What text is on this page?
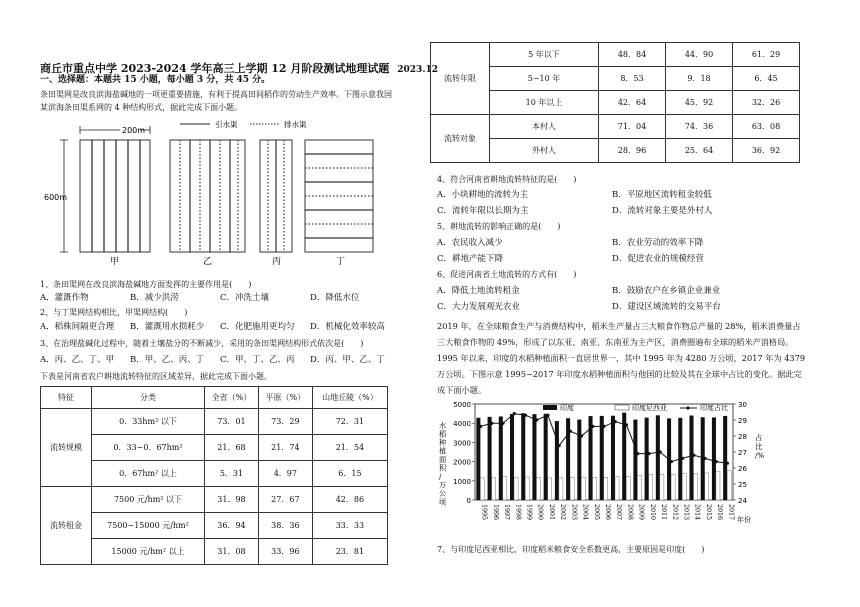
商丘市重点中学 2023-2024 学年高三上学期 12 月阶段测试地理试题 2023.12
一、选择题：本题共 15 小题，每小题 3 分，共 45 分。
条田渠网是改良滨海盐碱地的一项更重要措施，有利于提高田间稻作的劳动生产效率。下图示意我国
某滨海条田渠系网的 4 种结构形式，据此完成下面小题。
200m
引水渠	排水渠
600m
甲	乙	丙	丁
1、条田渠网在改良滨海盐碱地方面发挥的主要作用是(　　)
A．灌溉作物	B．减少洪涝	C．冲洗土壤	D．降低水位
2、与丁渠网结构相比，甲渠网结构(　　)
A．稻株间隔更合理 B．灌溉用水损耗少 C．化肥施用更均匀 D．机械化效率较高
3、在治理盐碱化过程中，随着土壤盐分的不断减少，采用的条田渠网结构形式依次是(　　)
A．丙、乙、丁、甲 B．甲、乙、丙、丁 C．甲、丁、乙、丙 D．丙、甲、乙、丁
下表是河南省农户耕地流转特征的区域差异，据此完成下面小题。
特征	分类	全省（%）	平原（%）	山地丘陵（%）
流转规模	0．33hm² 以下	73．01	73．29	72．31
	0．33~0．67hm²	21．68	21．74	21．54
	0．67hm² 以上	5．31	4．97	6．15
流转租金	7500 元/hm² 以下	31．98	27．67	42．86
	7500~15000 元/hm²	36．94	38．36	33．33
	15000 元/hm² 以上	31．08	33．96	23．81
流转年限	5 年以下	48．84	44．90	61．29
	5~10 年	8．53	9．18	6．45
	10 年以上	42．64	45．92	32．26
流转对象	本村人	71．04	74．36	63．08
	外村人	28．96	25．64	36．92
4、符合河南省耕地流转特征的是(　　)
A．小块耕地的流转为主	B．平原地区流转租金较低
C．流转年限以长期为主	D．流转对象主要是外村人
5、耕地流转的影响正确的是(　　)
A．农民收入减少	B．农业劳动的效率下降
C．耕地产能下降	D．促进农业的规模经营
6、促进河南省土地流转的方式有(　　)
A．降低土地流转租金	B．鼓励农户在乡镇企业兼业
C．大力发展观光农业	D．建设区域流转的交易平台
2019 年，在全球粮食生产与消费结构中，稻米生产量占三大粮食作物总产量的 28%，稻米消费量占
三大粮食作物的 49%，形成了以东亚、南亚、东南亚为主产区，消费圈遍布全球的稻米产消格局。
1995 年以来，印度的水稻种植面积一直居世界一，其中 1995 年为 4280 万公顷，2017 年为 4379
万公顷。下图示意 1995~2017 年印度水稻种植面积与他国的比较及其在全球中占比的变化。据此完
成下面小题。
0
1000
2000
3000
4000
5000
24
25
26
27
28
29
30
水
稻
种
植
面
积
/
万
公
顷
占
比
/%
1995 1996 1997 1998 1999 2000 2001 2002 2003 2004 2005 2006 2007 2008 2009 2010 2011 2012 2013 2014 2015 2016 2017 年份
印度	印度尼西亚	印度占比
7、与印度尼西亚相比，印度稻米粮食安全系数更高，主要原因是印度(　　)
